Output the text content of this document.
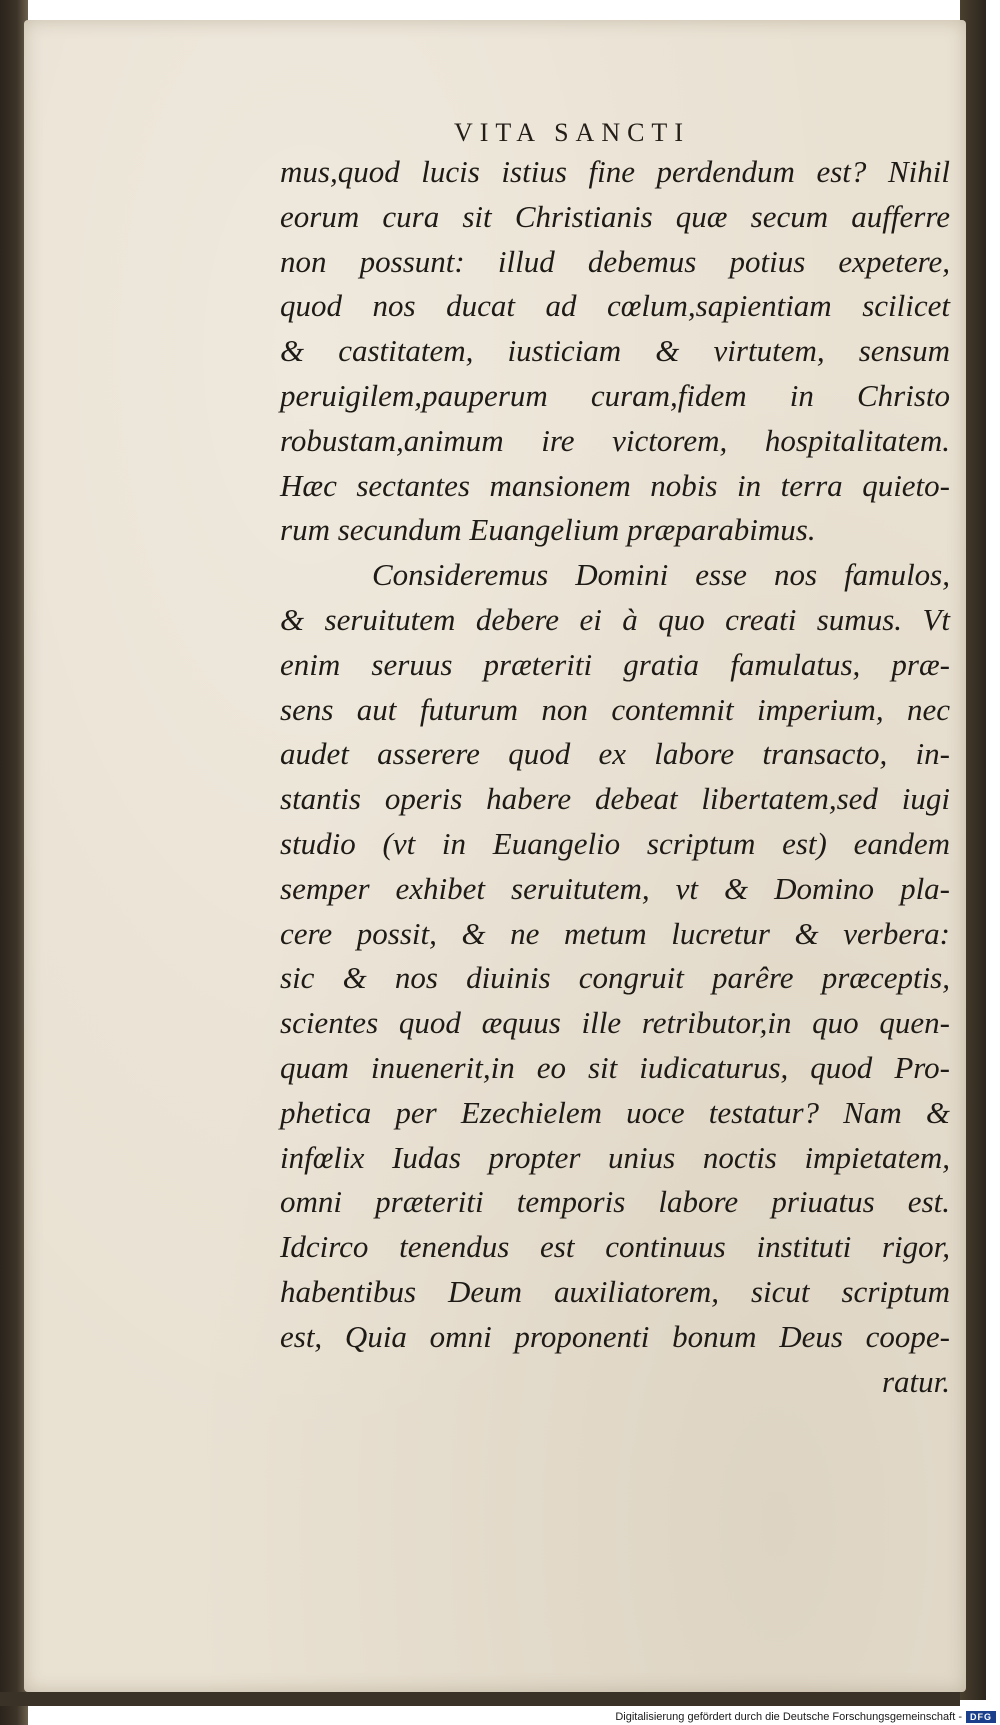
VITA SANCTI
mus,quod lucis istius fine perdendum est? Nihil
eorum cura sit Christianis quæ secum aufferre
non possunt: illud debemus potius expetere,
quod nos ducat ad cœlum,sapientiam scilicet
& castitatem, iusticiam & virtutem, sensum
peruigilem,pauperum curam,fidem in Christo
robustam,animum ire victorem, hospitalitatem.
Hæc sectantes mansionem nobis in terra quieto-
rum secundum Euangelium præparabimus.
Consideremus Domini esse nos famulos,
& seruitutem debere ei à quo creati sumus. Vt
enim seruus præteriti gratia famulatus, præ-
sens aut futurum non contemnit imperium, nec
audet asserere quod ex labore transacto, in-
stantis operis habere debeat libertatem,sed iugi
studio (vt in Euangelio scriptum est) eandem
semper exhibet seruitutem, vt & Domino pla-
cere possit, & ne metum lucretur & verbera:
sic & nos diuinis congruit parêre præceptis,
scientes quod æquus ille retributor,in quo quen-
quam inuenerit,in eo sit iudicaturus, quod Pro-
phetica per Ezechielem uoce testatur? Nam &
infœlix Iudas propter unius noctis impietatem,
omni præteriti temporis labore priuatus est.
Idcirco tenendus est continuus instituti rigor,
habentibus Deum auxiliatorem, sicut scriptum
est, Quia omni proponenti bonum Deus coope-
ratur.
Digitalisierung gefördert durch die Deutsche Forschungsgemeinschaft - DFG
